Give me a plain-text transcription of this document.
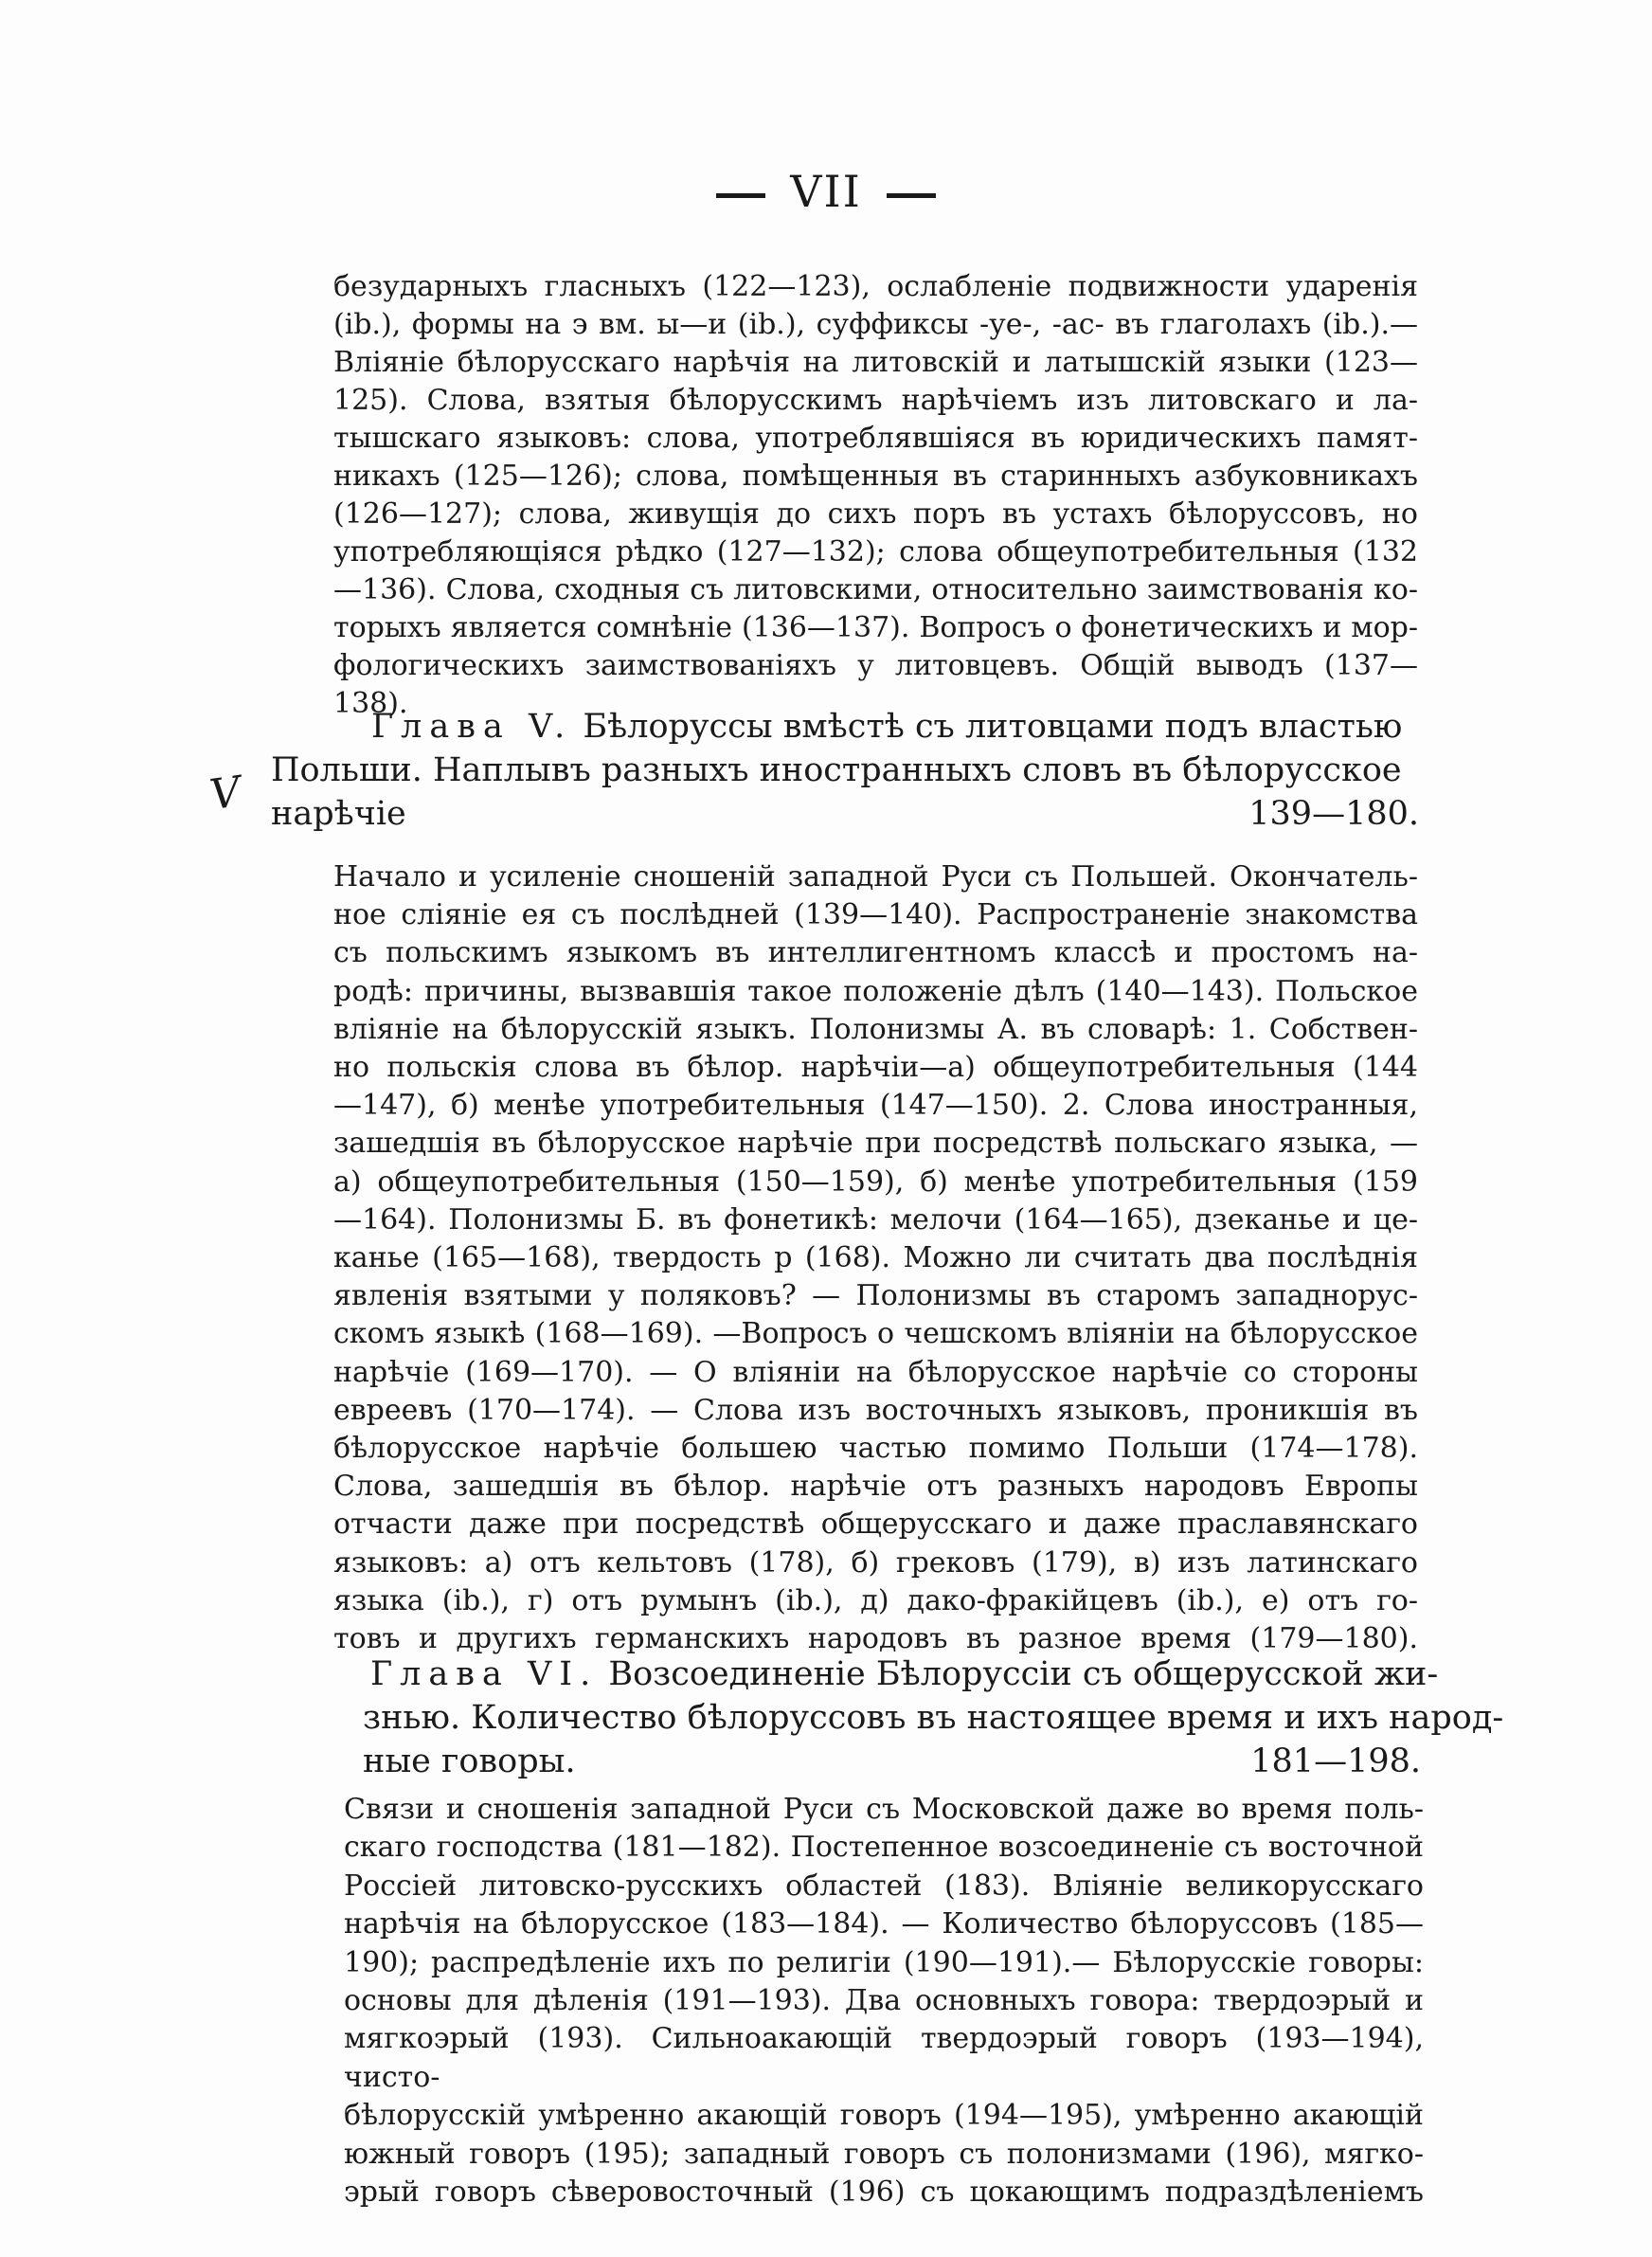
VII
V
безударныхъ гласныхъ (122—123), ослабленіе подвижности ударенія
(ib.), формы на э вм. ы—и (ib.), суффиксы -уе-, -ас- въ глаголахъ (ib.).—
Вліяніе бѣлорусскаго нарѣчія на литовскій и латышскій языки (123—
125). Слова, взятыя бѣлорусскимъ нарѣчіемъ изъ литовскаго и ла-
тышскаго языковъ: слова, употреблявшіяся въ юридическихъ памят-
никахъ (125—126); слова, помѣщенныя въ старинныхъ азбуковникахъ
(126—127); слова, живущія до сихъ поръ въ устахъ бѣлоруссовъ, но
употребляющіяся рѣдко (127—132); слова общеупотребительныя (132
—136). Слова, сходныя съ литовскими, относительно заимствованія ко-
торыхъ является сомнѣніе (136—137). Вопросъ о фонетическихъ и мор-
фологическихъ заимствованіяхъ у литовцевъ. Общій выводъ (137—138).
Глава V. Бѣлоруссы вмѣстѣ съ литовцами подъ властью
Польши. Наплывъ разныхъ иностранныхъ словъ въ бѣлорусское
нарѣчіе	139—180.
Начало и усиленіе сношеній западной Руси съ Польшей. Окончатель-
ное сліяніе ея съ послѣдней (139—140). Распространеніе знакомства
съ польскимъ языкомъ въ интеллигентномъ классѣ и простомъ на-
родѣ: причины, вызвавшія такое положеніе дѣлъ (140—143). Польское
вліяніе на бѣлорусскій языкъ. Полонизмы А. въ словарѣ: 1. Собствен-
но польскія слова въ бѣлор. нарѣчіи—а) общеупотребительныя (144
—147), б) менѣе употребительныя (147—150). 2. Слова иностранныя,
зашедшія въ бѣлорусское нарѣчіе при посредствѣ польскаго языка, —
а) общеупотребительныя (150—159), б) менѣе употребительныя (159
—164). Полонизмы Б. въ фонетикѣ: мелочи (164—165), дзеканье и це-
канье (165—168), твердость р (168). Можно ли считать два послѣднія
явленія взятыми у поляковъ? — Полонизмы въ старомъ западнорус-
скомъ языкѣ (168—169). —Вопросъ о чешскомъ вліяніи на бѣлорусское
нарѣчіе (169—170). — О вліяніи на бѣлорусское нарѣчіе со стороны
евреевъ (170—174). — Слова изъ восточныхъ языковъ, проникшія въ
бѣлорусское нарѣчіе большею частью помимо Польши (174—178).
Слова, зашедшія въ бѣлор. нарѣчіе отъ разныхъ народовъ Европы
отчасти даже при посредствѣ общерусскаго и даже праславянскаго
языковъ: а) отъ кельтовъ (178), б) грековъ (179), в) изъ латинскаго
языка (ib.), г) отъ румынъ (ib.), д) дако-фракійцевъ (ib.), е) отъ го-
товъ и другихъ германскихъ народовъ въ разное время (179—180).
Глава VI. Возсоединеніе Бѣлоруссіи съ общерусской жи-
знью. Количество бѣлоруссовъ въ настоящее время и ихъ народ-
ные говоры.	181—198.
Связи и сношенія западной Руси съ Московской даже во время поль-
скаго господства (181—182). Постепенное возсоединеніе съ восточной
Россіей литовско-русскихъ областей (183). Вліяніе великорусскаго
нарѣчія на бѣлорусское (183—184). — Количество бѣлоруссовъ (185—
190); распредѣленіе ихъ по религіи (190—191).— Бѣлорусскіе говоры:
основы для дѣленія (191—193). Два основныхъ говора: твердоэрый и
мягкоэрый (193). Сильноакающій твердоэрый говоръ (193—194), чисто-
бѣлорусскій умѣренно акающій говоръ (194—195), умѣренно акающій
южный говоръ (195); западный говоръ съ полонизмами (196), мягко-
эрый говоръ сѣверовосточный (196) съ цокающимъ подраздѣленіемъ
